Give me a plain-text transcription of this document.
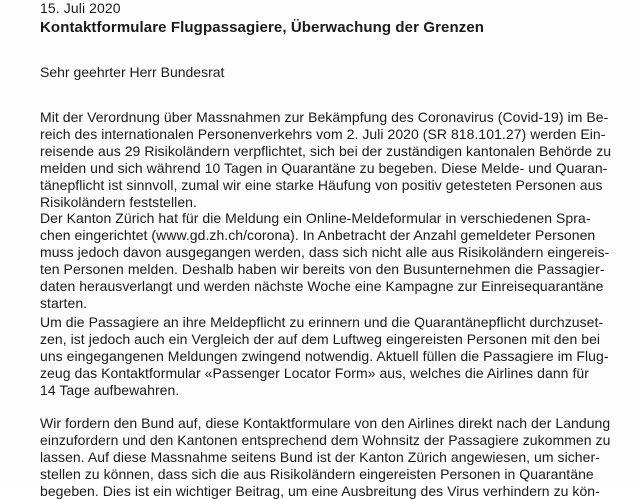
15. Juli 2020
Kontaktformulare Flugpassagiere, Überwachung der Grenzen
Sehr geehrter Herr Bundesrat

Mit der Verordnung über Massnahmen zur Bekämpfung des Coronavirus (Covid-19) im Be-
reich des internationalen Personenverkehrs vom 2. Juli 2020 (SR 818.101.27) werden Ein-
reisende aus 29 Risikoländern verpflichtet, sich bei der zuständigen kantonalen Behörde zu
melden und sich während 10 Tagen in Quarantäne zu begeben. Diese Melde- und Quaran-
tänepflicht ist sinnvoll, zumal wir eine starke Häufung von positiv getesteten Personen aus
Risikoländern feststellen.

Der Kanton Zürich hat für die Meldung ein Online-Meldeformular in verschiedenen Spra-
chen eingerichtet (www.gd.zh.ch/corona). In Anbetracht der Anzahl gemeldeter Personen
muss jedoch davon ausgegangen werden, dass sich nicht alle aus Risikoländern eingereis-
ten Personen melden. Deshalb haben wir bereits von den Busunternehmen die Passagier-
daten herausverlangt und werden nächste Woche eine Kampagne zur Einreisequarantäne
starten.

Um die Passagiere an ihre Meldepflicht zu erinnern und die Quarantänepflicht durchzuset-
zen, ist jedoch auch ein Vergleich der auf dem Luftweg eingereisten Personen mit den bei
uns eingegangenen Meldungen zwingend notwendig. Aktuell füllen die Passagiere im Flug-
zeug das Kontaktformular «Passenger Locator Form» aus, welches die Airlines dann für
14 Tage aufbewahren.

Wir fordern den Bund auf, diese Kontaktformulare von den Airlines direkt nach der Landung
einzufordern und den Kantonen entsprechend dem Wohnsitz der Passagiere zukommen zu
lassen. Auf diese Massnahme seitens Bund ist der Kanton Zürich angewiesen, um sicher-
stellen zu können, dass sich die aus Risikoländern eingereisten Personen in Quarantäne
begeben. Dies ist ein wichtiger Beitrag, um eine Ausbreitung des Virus verhindern zu kön-
